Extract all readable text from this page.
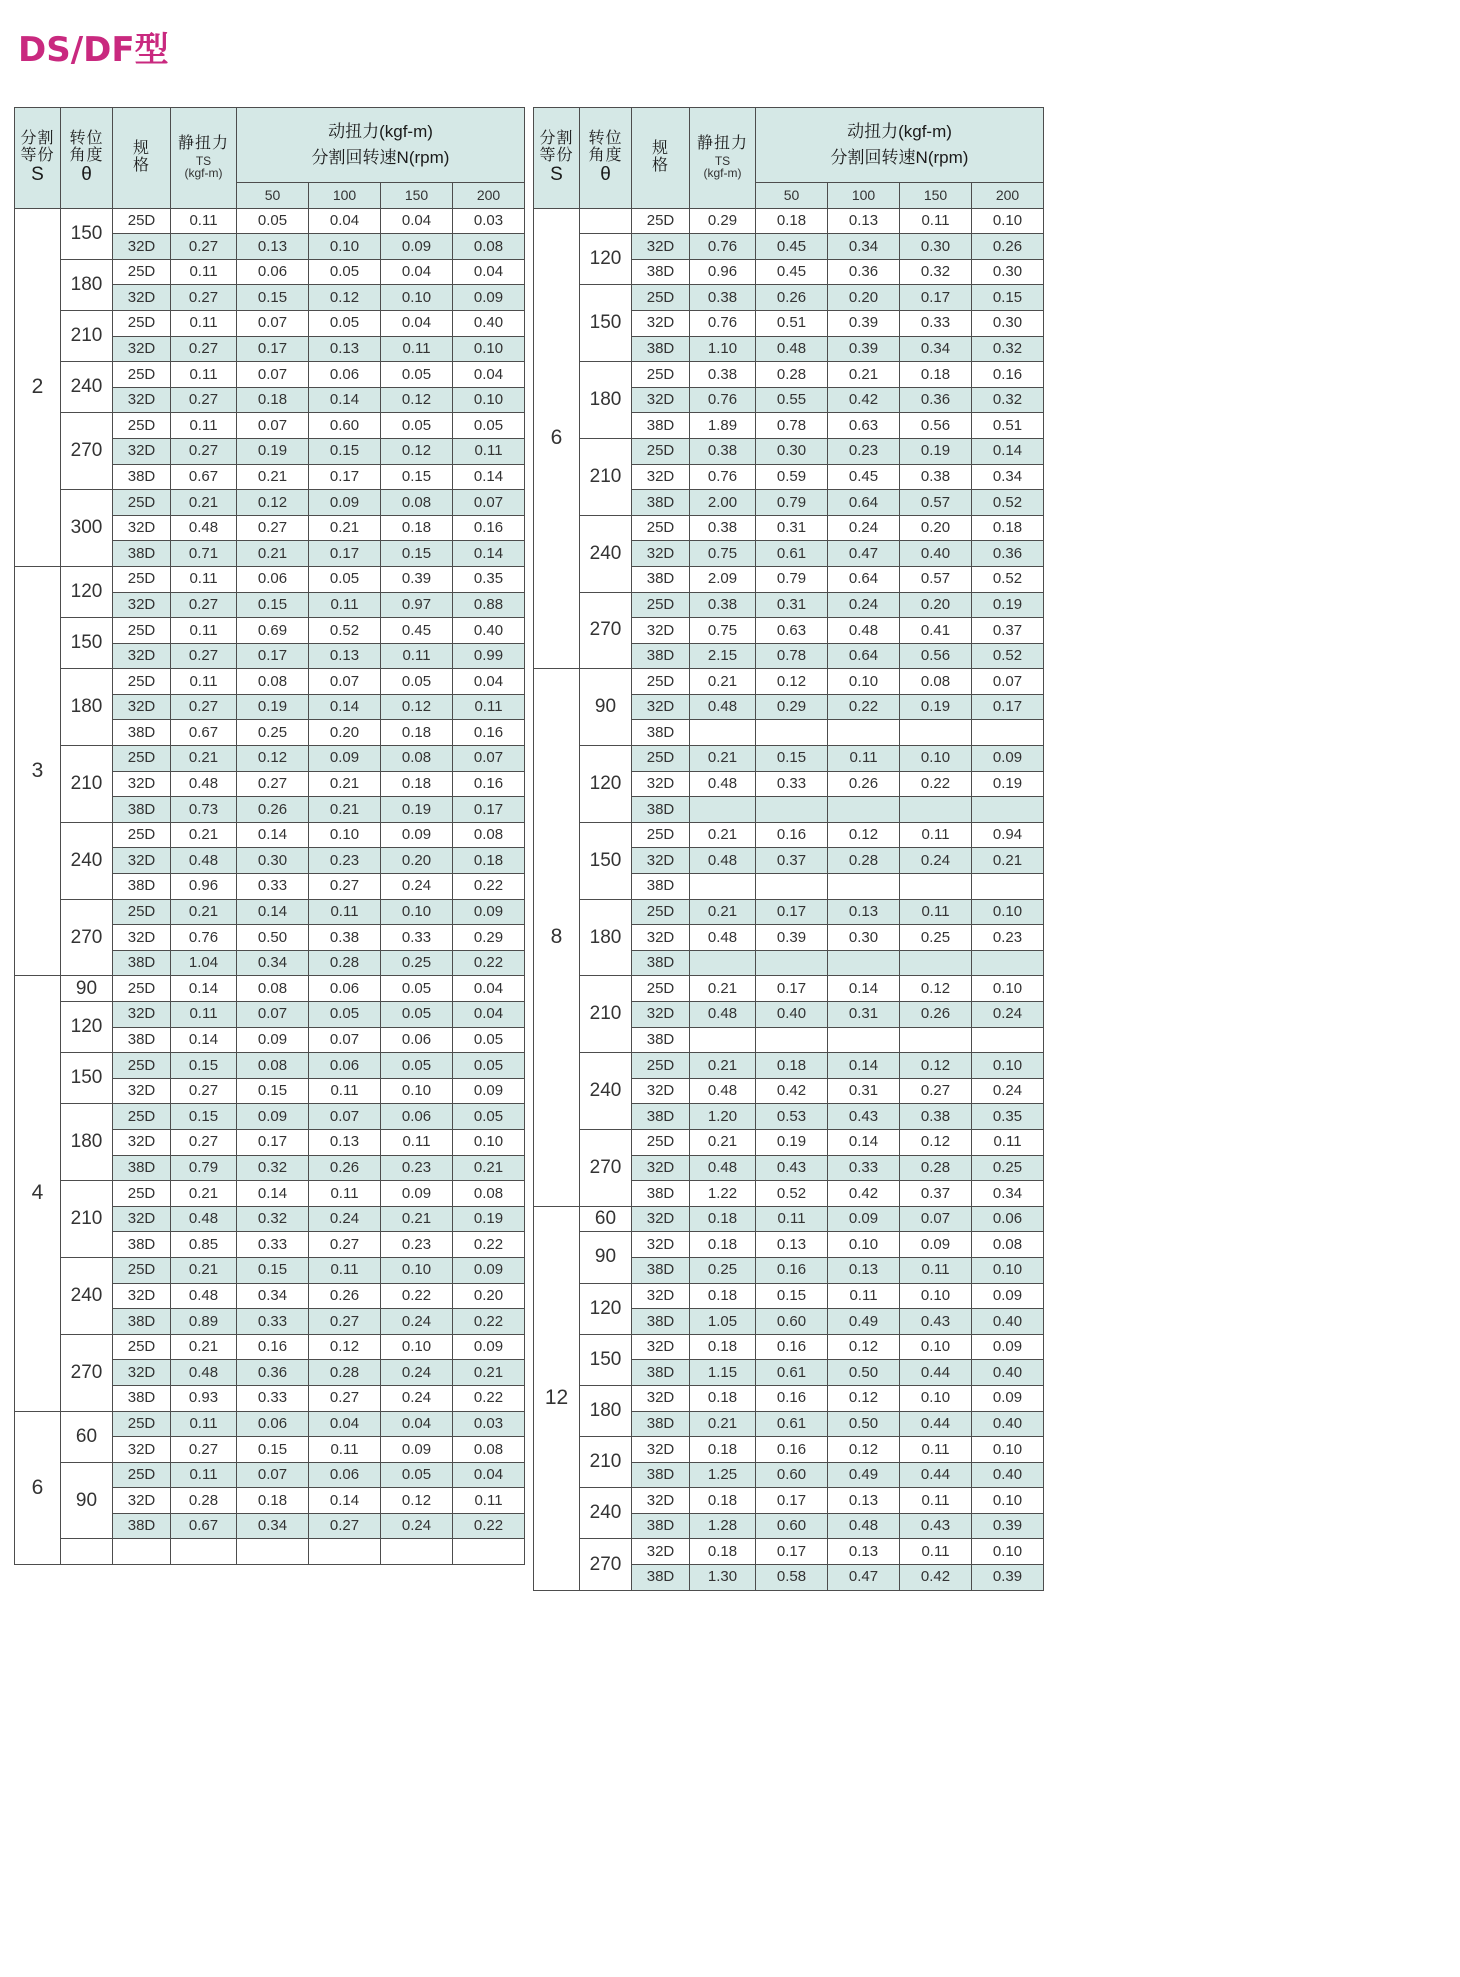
DS/DF型
分割
等份
S	转位
角度
θ	规
格	静扭力
TS
(kgf-m)	动扭力(kgf-m)
分割回转速N(rpm)			

				50	100	150	200
2	150	25D	0.11	0.05	0.04	0.04	0.03
		32D	0.27	0.13	0.10	0.09	0.08
	180	25D	0.11	0.06	0.05	0.04	0.04
		32D	0.27	0.15	0.12	0.10	0.09
	210	25D	0.11	0.07	0.05	0.04	0.40
		32D	0.27	0.17	0.13	0.11	0.10
	240	25D	0.11	0.07	0.06	0.05	0.04
		32D	0.27	0.18	0.14	0.12	0.10
	270	25D	0.11	0.07	0.60	0.05	0.05
		32D	0.27	0.19	0.15	0.12	0.11
		38D	0.67	0.21	0.17	0.15	0.14
	300	25D	0.21	0.12	0.09	0.08	0.07
		32D	0.48	0.27	0.21	0.18	0.16
		38D	0.71	0.21	0.17	0.15	0.14
3	120	25D	0.11	0.06	0.05	0.39	0.35
		32D	0.27	0.15	0.11	0.97	0.88
	150	25D	0.11	0.69	0.52	0.45	0.40
		32D	0.27	0.17	0.13	0.11	0.99
	180	25D	0.11	0.08	0.07	0.05	0.04
		32D	0.27	0.19	0.14	0.12	0.11
		38D	0.67	0.25	0.20	0.18	0.16
	210	25D	0.21	0.12	0.09	0.08	0.07
		32D	0.48	0.27	0.21	0.18	0.16
		38D	0.73	0.26	0.21	0.19	0.17
	240	25D	0.21	0.14	0.10	0.09	0.08
		32D	0.48	0.30	0.23	0.20	0.18
		38D	0.96	0.33	0.27	0.24	0.22
	270	25D	0.21	0.14	0.11	0.10	0.09
		32D	0.76	0.50	0.38	0.33	0.29
		38D	1.04	0.34	0.28	0.25	0.22
4	90	25D	0.14	0.08	0.06	0.05	0.04
	120	32D	0.11	0.07	0.05	0.05	0.04
		38D	0.14	0.09	0.07	0.06	0.05
	150	25D	0.15	0.08	0.06	0.05	0.05
		32D	0.27	0.15	0.11	0.10	0.09
	180	25D	0.15	0.09	0.07	0.06	0.05
		32D	0.27	0.17	0.13	0.11	0.10
		38D	0.79	0.32	0.26	0.23	0.21
	210	25D	0.21	0.14	0.11	0.09	0.08
		32D	0.48	0.32	0.24	0.21	0.19
		38D	0.85	0.33	0.27	0.23	0.22
	240	25D	0.21	0.15	0.11	0.10	0.09
		32D	0.48	0.34	0.26	0.22	0.20
		38D	0.89	0.33	0.27	0.24	0.22
	270	25D	0.21	0.16	0.12	0.10	0.09
		32D	0.48	0.36	0.28	0.24	0.21
		38D	0.93	0.33	0.27	0.24	0.22
6	60	25D	0.11	0.06	0.04	0.04	0.03
		32D	0.27	0.15	0.11	0.09	0.08
	90	25D	0.11	0.07	0.06	0.05	0.04
		32D	0.28	0.18	0.14	0.12	0.11
		38D	0.67	0.34	0.27	0.24	0.22

分割
等份
S	转位
角度
θ	规
格	静扭力
TS
(kgf-m)	动扭力(kgf-m)
分割回转速N(rpm)			

				50	100	150	200
6		25D	0.29	0.18	0.13	0.11	0.10
	120	32D	0.76	0.45	0.34	0.30	0.26
		38D	0.96	0.45	0.36	0.32	0.30
	150	25D	0.38	0.26	0.20	0.17	0.15
		32D	0.76	0.51	0.39	0.33	0.30
		38D	1.10	0.48	0.39	0.34	0.32
	180	25D	0.38	0.28	0.21	0.18	0.16
		32D	0.76	0.55	0.42	0.36	0.32
		38D	1.89	0.78	0.63	0.56	0.51
	210	25D	0.38	0.30	0.23	0.19	0.14
		32D	0.76	0.59	0.45	0.38	0.34
		38D	2.00	0.79	0.64	0.57	0.52
	240	25D	0.38	0.31	0.24	0.20	0.18
		32D	0.75	0.61	0.47	0.40	0.36
		38D	2.09	0.79	0.64	0.57	0.52
	270	25D	0.38	0.31	0.24	0.20	0.19
		32D	0.75	0.63	0.48	0.41	0.37
		38D	2.15	0.78	0.64	0.56	0.52
8	90	25D	0.21	0.12	0.10	0.08	0.07
		32D	0.48	0.29	0.22	0.19	0.17
		38D					
	120	25D	0.21	0.15	0.11	0.10	0.09
		32D	0.48	0.33	0.26	0.22	0.19
		38D					
	150	25D	0.21	0.16	0.12	0.11	0.94
		32D	0.48	0.37	0.28	0.24	0.21
		38D					
	180	25D	0.21	0.17	0.13	0.11	0.10
		32D	0.48	0.39	0.30	0.25	0.23
		38D					
	210	25D	0.21	0.17	0.14	0.12	0.10
		32D	0.48	0.40	0.31	0.26	0.24
		38D					
	240	25D	0.21	0.18	0.14	0.12	0.10
		32D	0.48	0.42	0.31	0.27	0.24
		38D	1.20	0.53	0.43	0.38	0.35
	270	25D	0.21	0.19	0.14	0.12	0.11
		32D	0.48	0.43	0.33	0.28	0.25
		38D	1.22	0.52	0.42	0.37	0.34
12	60	32D	0.18	0.11	0.09	0.07	0.06
	90	32D	0.18	0.13	0.10	0.09	0.08
		38D	0.25	0.16	0.13	0.11	0.10
	120	32D	0.18	0.15	0.11	0.10	0.09
		38D	1.05	0.60	0.49	0.43	0.40
	150	32D	0.18	0.16	0.12	0.10	0.09
		38D	1.15	0.61	0.50	0.44	0.40
	180	32D	0.18	0.16	0.12	0.10	0.09
		38D	0.21	0.61	0.50	0.44	0.40
	210	32D	0.18	0.16	0.12	0.11	0.10
		38D	1.25	0.60	0.49	0.44	0.40
	240	32D	0.18	0.17	0.13	0.11	0.10
		38D	1.28	0.60	0.48	0.43	0.39
	270	32D	0.18	0.17	0.13	0.11	0.10
		38D	1.30	0.58	0.47	0.42	0.39
